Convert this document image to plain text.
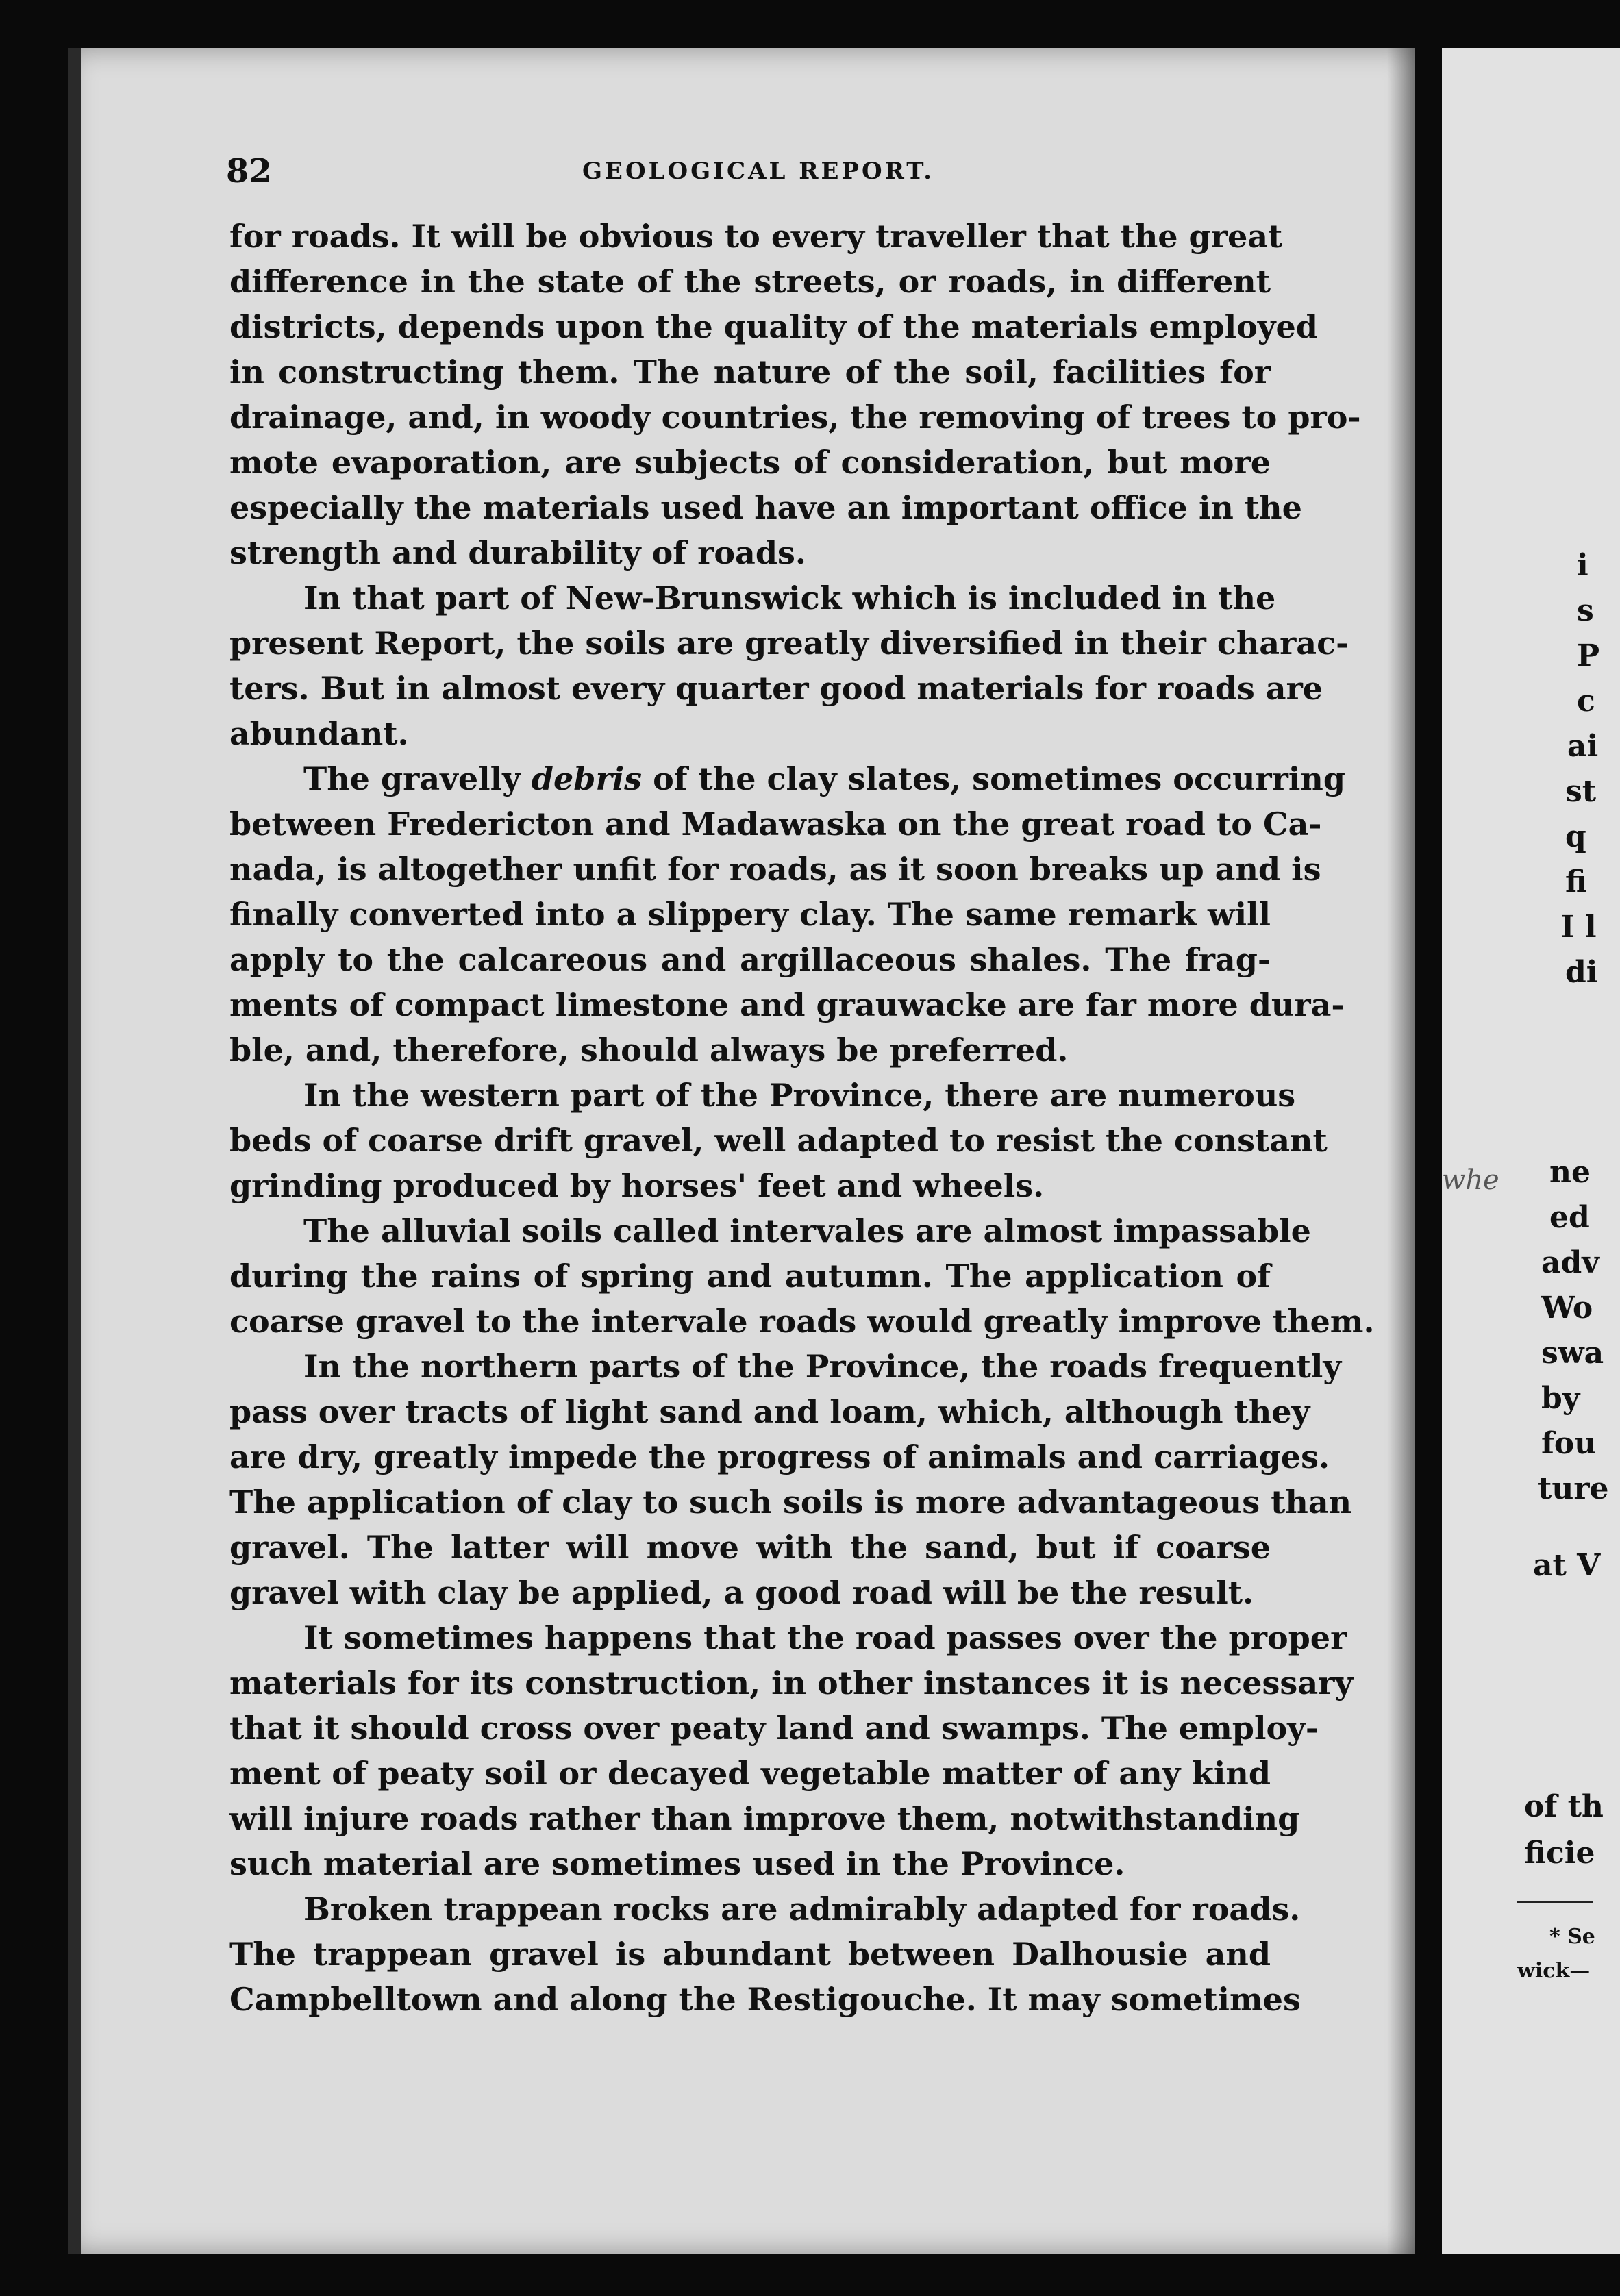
82	GEOLOGICAL REPORT.
for roads. It will be obvious to every traveller that the great
difference in the state of the streets, or roads, in different
districts, depends upon the quality of the materials employed
in constructing them. The nature of the soil, facilities for
drainage, and, in woody countries, the removing of trees to pro-
mote evaporation, are subjects of consideration, but more
especially the materials used have an important office in the
strength and durability of roads.
In that part of New-Brunswick which is included in the
present Report, the soils are greatly diversified in their charac-
ters. But in almost every quarter good materials for roads are
abundant.
The gravelly debris of the clay slates, sometimes occurring
between Fredericton and Madawaska on the great road to Ca-
nada, is altogether unfit for roads, as it soon breaks up and is
finally converted into a slippery clay. The same remark will
apply to the calcareous and argillaceous shales. The frag-
ments of compact limestone and grauwacke are far more dura-
ble, and, therefore, should always be preferred.
In the western part of the Province, there are numerous
beds of coarse drift gravel, well adapted to resist the constant
grinding produced by horses' feet and wheels.
The alluvial soils called intervales are almost impassable
during the rains of spring and autumn. The application of
coarse gravel to the intervale roads would greatly improve them.
In the northern parts of the Province, the roads frequently
pass over tracts of light sand and loam, which, although they
are dry, greatly impede the progress of animals and carriages.
The application of clay to such soils is more advantageous than
gravel. The latter will move with the sand, but if coarse
gravel with clay be applied, a good road will be the result.
It sometimes happens that the road passes over the proper
materials for its construction, in other instances it is necessary
that it should cross over peaty land and swamps. The employ-
ment of peaty soil or decayed vegetable matter of any kind
will injure roads rather than improve them, notwithstanding
such material are sometimes used in the Province.
Broken trappean rocks are admirably adapted for roads.
The trappean gravel is abundant between Dalhousie and
Campbelltown and along the Restigouche. It may sometimes
i
s
P
c
ai
st
q
fi
I l
di
ne
ed
adv
Wo
swa
by
fou
ture
at V
of th
ficie
* Se
wick—
whe
